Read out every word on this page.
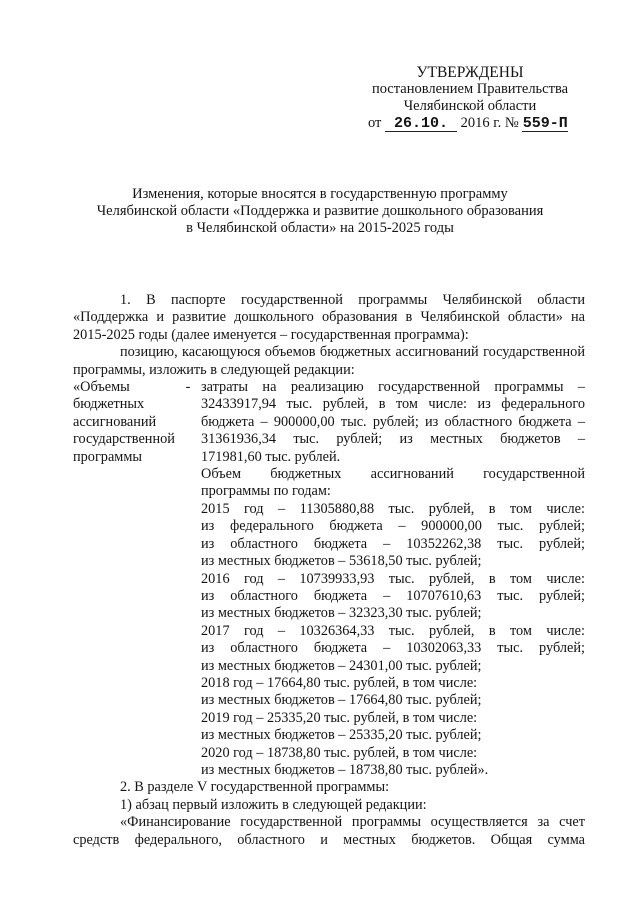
УТВЕРЖДЕНЫ
постановлением Правительства
Челябинской области
от 26.10. 2016 г. № 559-П
Изменения, которые вносятся в государственную программу
Челябинской области «Поддержка и развитие дошкольного образования
в Челябинской области» на 2015-2025 годы

1. В паспорте государственной программы Челябинской области «Поддержка и развитие дошкольного образования в Челябинской области» на 2015-2025 годы (далее именуется – государственная программа):

позицию, касающуюся объемов бюджетных ассигнований государственной программы, изложить в следующей редакции:

«Объемы
бюджетных
ассигнований
государственной
программы
- затраты на реализацию государственной программы –
32433917,94 тыс. рублей, в том числе: из федерального
бюджета – 900000,00 тыс. рублей; из областного бюджета –
31361936,34 тыс. рублей; из местных бюджетов –
171981,60 тыс. рублей.
Объем бюджетных ассигнований государственной
программы по годам:
2015 год – 11305880,88 тыс. рублей, в том числе:
из федерального бюджета – 900000,00 тыс. рублей;
из областного бюджета – 10352262,38 тыс. рублей;
из местных бюджетов – 53618,50 тыс. рублей;
2016 год – 10739933,93 тыс. рублей, в том числе:
из областного бюджета – 10707610,63 тыс. рублей;
из местных бюджетов – 32323,30 тыс. рублей;
2017 год – 10326364,33 тыс. рублей, в том числе:
из областного бюджета – 10302063,33 тыс. рублей;
из местных бюджетов – 24301,00 тыс. рублей;
2018 год – 17664,80 тыс. рублей, в том числе:
из местных бюджетов – 17664,80 тыс. рублей;
2019 год – 25335,20 тыс. рублей, в том числе:
из местных бюджетов – 25335,20 тыс. рублей;
2020 год – 18738,80 тыс. рублей, в том числе:
из местных бюджетов – 18738,80 тыс. рублей».

2. В разделе V государственной программы:

1) абзац первый изложить в следующей редакции:

«Финансирование государственной программы осуществляется за счет средств федерального, областного и местных бюджетов. Общая сумма
